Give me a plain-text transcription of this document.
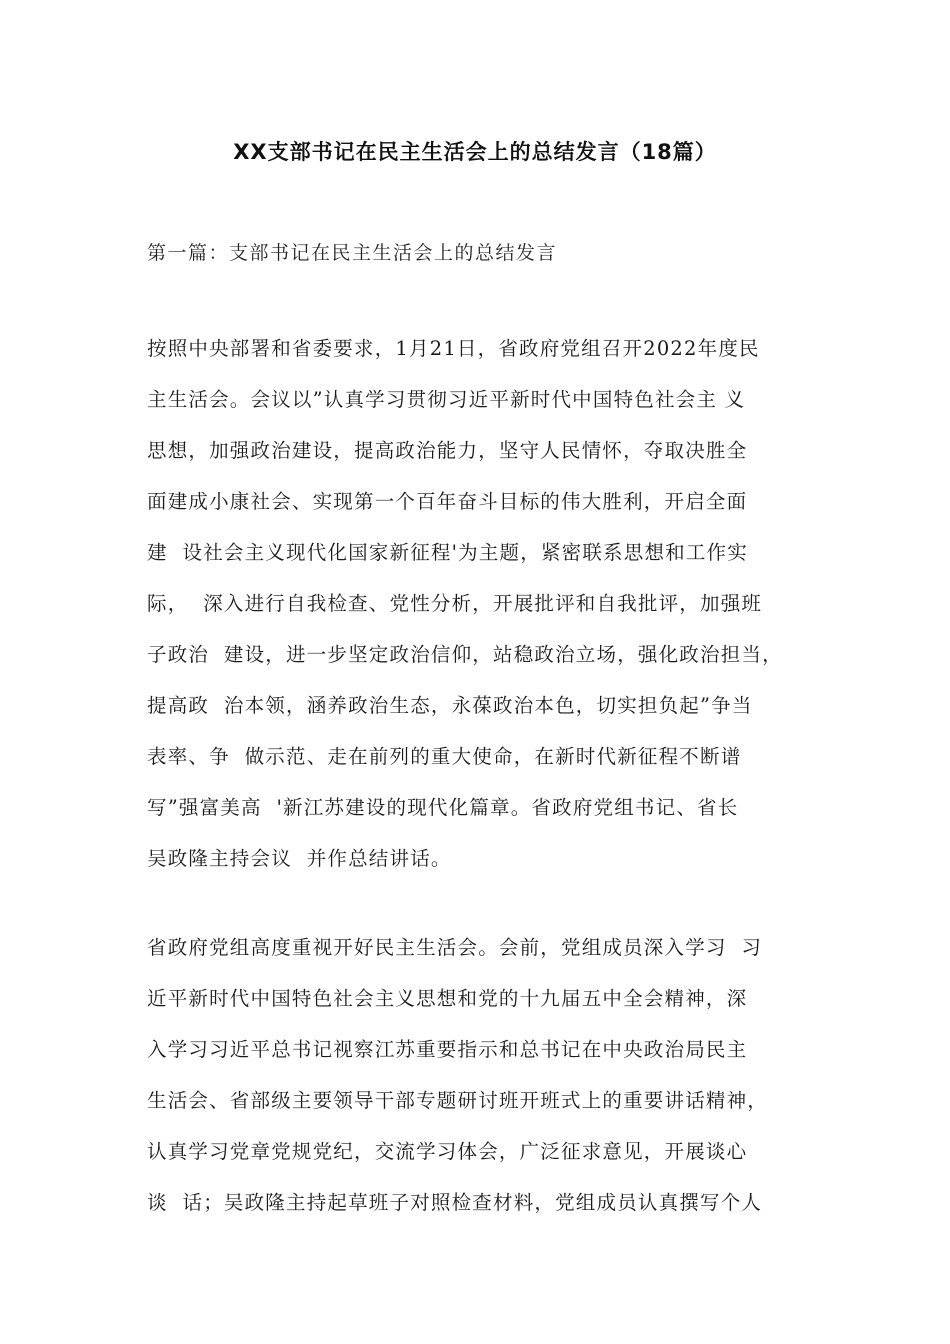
XX支部书记在民主生活会上的总结发言（18篇）
第一篇：支部书记在民主生活会上的总结发言
按照中央部署和省委要求，1月21日，省政府党组召开2022年度民
主生活会。会议以”认真学习贯彻习近平新时代中国特色社会主 义
思想，加强政治建设，提高政治能力，坚守人民情怀，夺取决胜全
面建成小康社会、实现第一个百年奋斗目标的伟大胜利，开启全面
建  设社会主义现代化国家新征程'为主题，紧密联系思想和工作实
际，  深入进行自我检查、党性分析，开展批评和自我批评，加强班
子政治  建设，进一步坚定政治信仰，站稳政治立场，强化政治担当，
提高政  治本领，涵养政治生态，永葆政治本色，切实担负起”争当
表率、争  做示范、走在前列的重大使命，在新时代新征程不断谱
写”强富美高  '新江苏建设的现代化篇章。省政府党组书记、省长
吴政隆主持会议  并作总结讲话。
省政府党组高度重视开好民主生活会。会前，党组成员深入学习  习
近平新时代中国特色社会主义思想和党的十九届五中全会精神，深
入学习习近平总书记视察江苏重要指示和总书记在中央政治局民主
生活会、省部级主要领导干部专题研讨班开班式上的重要讲话精神，
认真学习党章党规党纪，交流学习体会，广泛征求意见，开展谈心
谈  话；吴政隆主持起草班子对照检查材料，党组成员认真撰写个人
